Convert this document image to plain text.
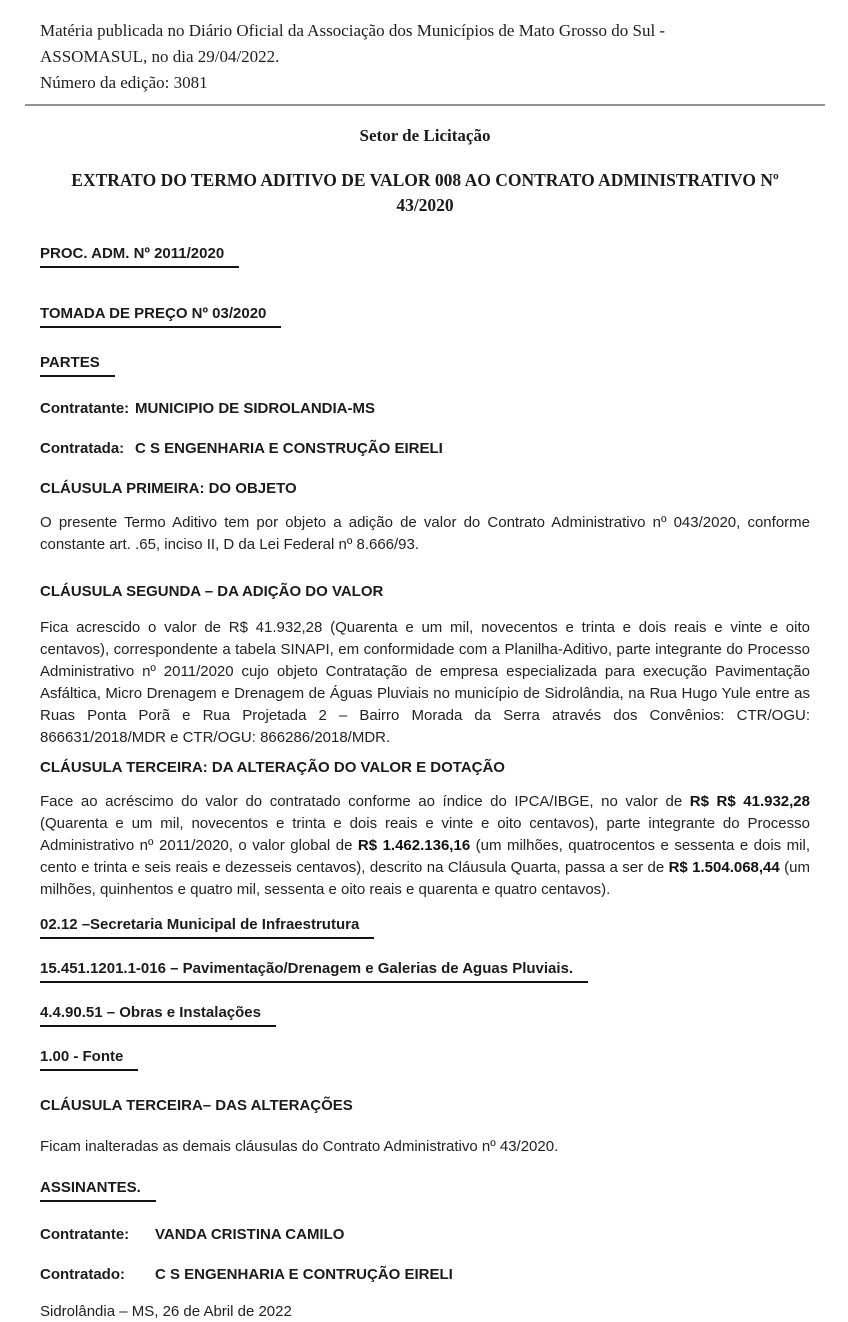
Matéria publicada no Diário Oficial da Associação dos Municípios de Mato Grosso do Sul -
ASSOMASUL, no dia 29/04/2022.
Número da edição: 3081
Setor de Licitação
EXTRATO DO TERMO ADITIVO DE VALOR 008 AO CONTRATO ADMINISTRATIVO Nº 43/2020
PROC. ADM. Nº 2011/2020
TOMADA DE PREÇO Nº 03/2020
PARTES
Contratante: MUNICIPIO DE SIDROLANDIA-MS
Contratada: C S ENGENHARIA E CONSTRUÇÃO EIRELI
CLÁUSULA PRIMEIRA: DO OBJETO
O presente Termo Aditivo tem por objeto a adição de valor do Contrato Administrativo nº 043/2020, conforme constante art. .65, inciso II, D da Lei Federal nº 8.666/93.
CLÁUSULA SEGUNDA – DA ADIÇÃO DO VALOR
Fica acrescido o valor de R$ 41.932,28 (Quarenta e um mil, novecentos e trinta e dois reais e vinte e oito centavos), correspondente a tabela SINAPI, em conformidade com a Planilha-Aditivo, parte integrante do Processo Administrativo nº 2011/2020 cujo objeto Contratação de empresa especializada para execução Pavimentação Asfáltica, Micro Drenagem e Drenagem de Águas Pluviais no município de Sidrolândia, na Rua Hugo Yule entre as Ruas Ponta Porã e Rua Projetada 2 – Bairro Morada da Serra através dos Convênios: CTR/OGU: 866631/2018/MDR e CTR/OGU: 866286/2018/MDR.
CLÁUSULA TERCEIRA: DA ALTERAÇÃO DO VALOR E DOTAÇÃO
Face ao acréscimo do valor do contratado conforme ao índice do IPCA/IBGE, no valor de R$ R$ 41.932,28 (Quarenta e um mil, novecentos e trinta e dois reais e vinte e oito centavos), parte integrante do Processo Administrativo nº 2011/2020, o valor global de R$ 1.462.136,16 (um milhões, quatrocentos e sessenta e dois mil, cento e trinta e seis reais e dezesseis centavos), descrito na Cláusula Quarta, passa a ser de R$ 1.504.068,44 (um milhões, quinhentos e quatro mil, sessenta e oito reais e quarenta e quatro centavos).
02.12 –Secretaria Municipal de Infraestrutura
15.451.1201.1-016 – Pavimentação/Drenagem e Galerias de Aguas Pluviais.
4.4.90.51 – Obras e Instalações
1.00 - Fonte
CLÁUSULA TERCEIRA– DAS ALTERAÇÕES
Ficam inalteradas as demais cláusulas do Contrato Administrativo nº 43/2020.
ASSINANTES.
Contratante:	VANDA CRISTINA CAMILO
Contratado:	C S ENGENHARIA E CONTRUÇÃO EIRELI
Sidrolândia – MS, 26 de Abril de 2022
